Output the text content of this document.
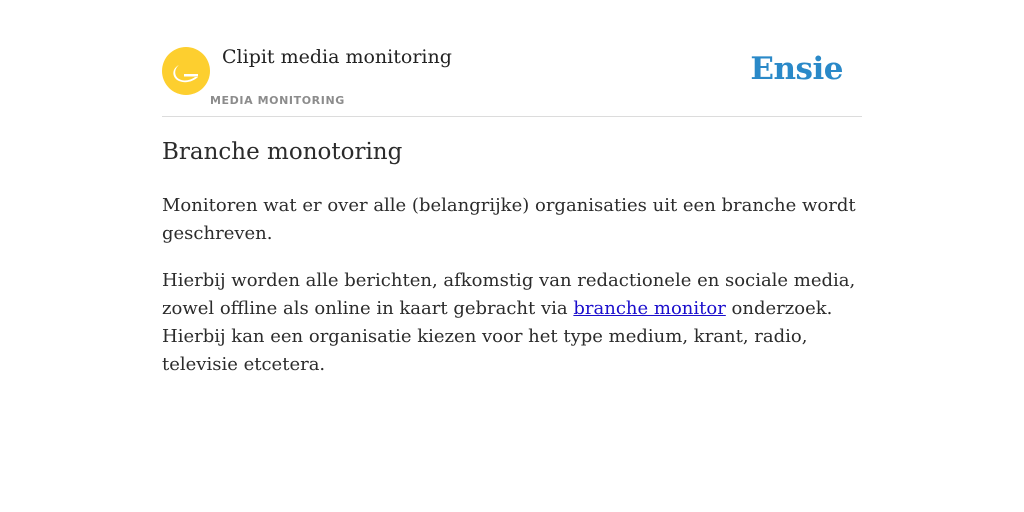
Clipit media monitoring
MEDIA MONITORING
Ensie
Branche monotoring

Monitoren wat er over alle (belangrijke) organisaties uit een branche wordt geschreven.

Hierbij worden alle berichten, afkomstig van redactionele en sociale media, zowel offline als online in kaart gebracht via branche monitor onderzoek. Hierbij kan een organisatie kiezen voor het type medium, krant, radio, televisie etcetera.
